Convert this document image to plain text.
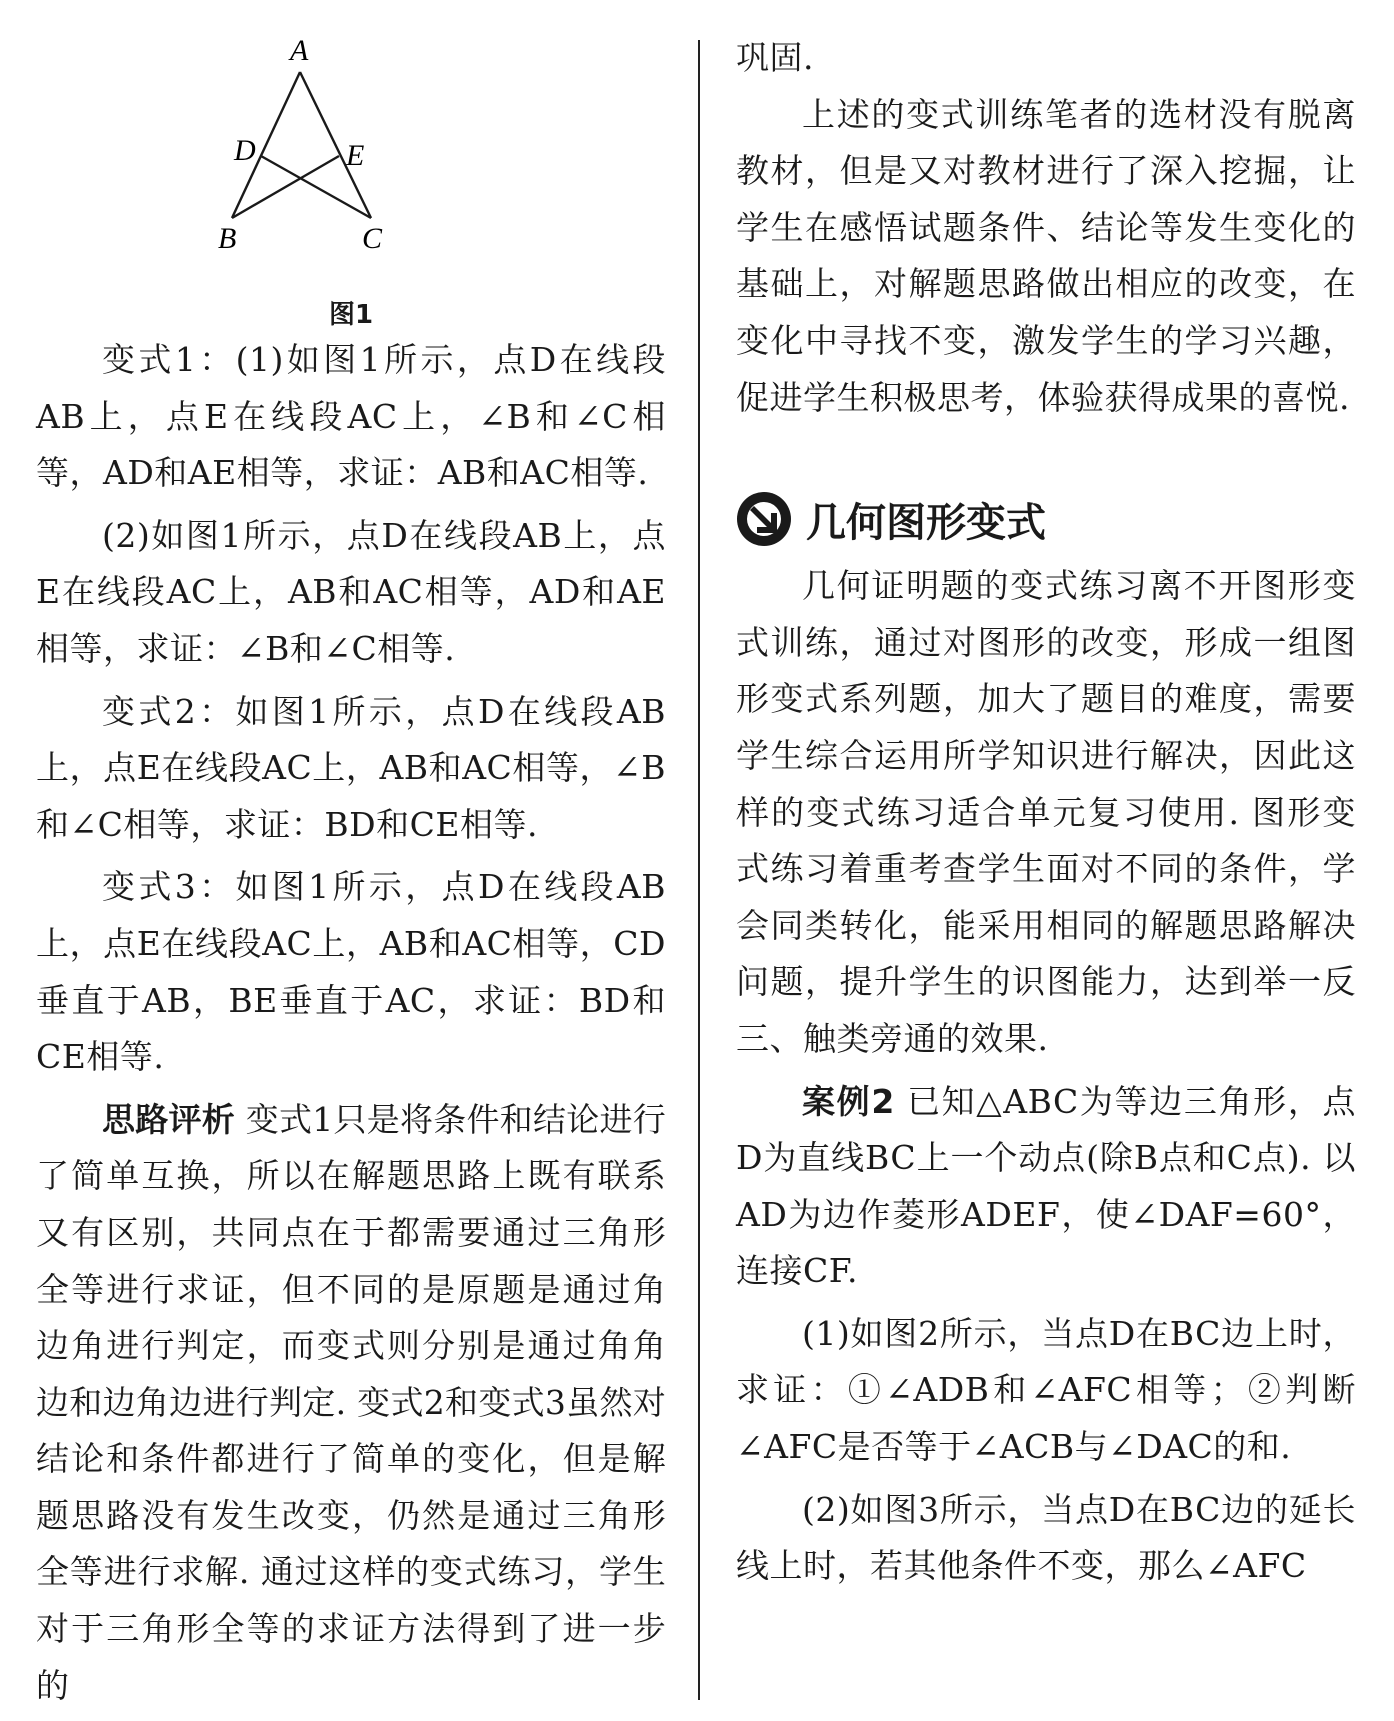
A
D	E
B	C
图1

变式1：(1)如图1所示，点D在线段AB上，点E在线段AC上，∠B和∠C相等，AD和AE相等，求证：AB和AC相等.

(2)如图1所示，点D在线段AB上，点E在线段AC上，AB和AC相等，AD和AE相等，求证：∠B和∠C相等.

变式2：如图1所示，点D在线段AB上，点E在线段AC上，AB和AC相等，∠B和∠C相等，求证：BD和CE相等.

变式3：如图1所示，点D在线段AB上，点E在线段AC上，AB和AC相等，CD垂直于AB，BE垂直于AC，求证：BD和CE相等.

思路评析 变式1只是将条件和结论进行了简单互换，所以在解题思路上既有联系又有区别，共同点在于都需要通过三角形全等进行求证，但不同的是原题是通过角边角进行判定，而变式则分别是通过角角边和边角边进行判定. 变式2和变式3虽然对结论和条件都进行了简单的变化，但是解题思路没有发生改变，仍然是通过三角形全等进行求解. 通过这样的变式练习，学生对于三角形全等的求证方法得到了进一步的

巩固.

上述的变式训练笔者的选材没有脱离教材，但是又对教材进行了深入挖掘，让学生在感悟试题条件、结论等发生变化的基础上，对解题思路做出相应的改变，在变化中寻找不变，激发学生的学习兴趣，促进学生积极思考，体验获得成果的喜悦.

几何图形变式

几何证明题的变式练习离不开图形变式训练，通过对图形的改变，形成一组图形变式系列题，加大了题目的难度，需要学生综合运用所学知识进行解决，因此这样的变式练习适合单元复习使用. 图形变式练习着重考查学生面对不同的条件，学会同类转化，能采用相同的解题思路解决问题，提升学生的识图能力，达到举一反三、触类旁通的效果.

案例2 已知△ABC为等边三角形，点D为直线BC上一个动点(除B点和C点). 以AD为边作菱形ADEF，使∠DAF=60°，连接CF.

(1)如图2所示，当点D在BC边上时，求证：①∠ADB和∠AFC相等；②判断∠AFC是否等于∠ACB与∠DAC的和.

(2)如图3所示，当点D在BC边的延长线上时，若其他条件不变，那么∠AFC
